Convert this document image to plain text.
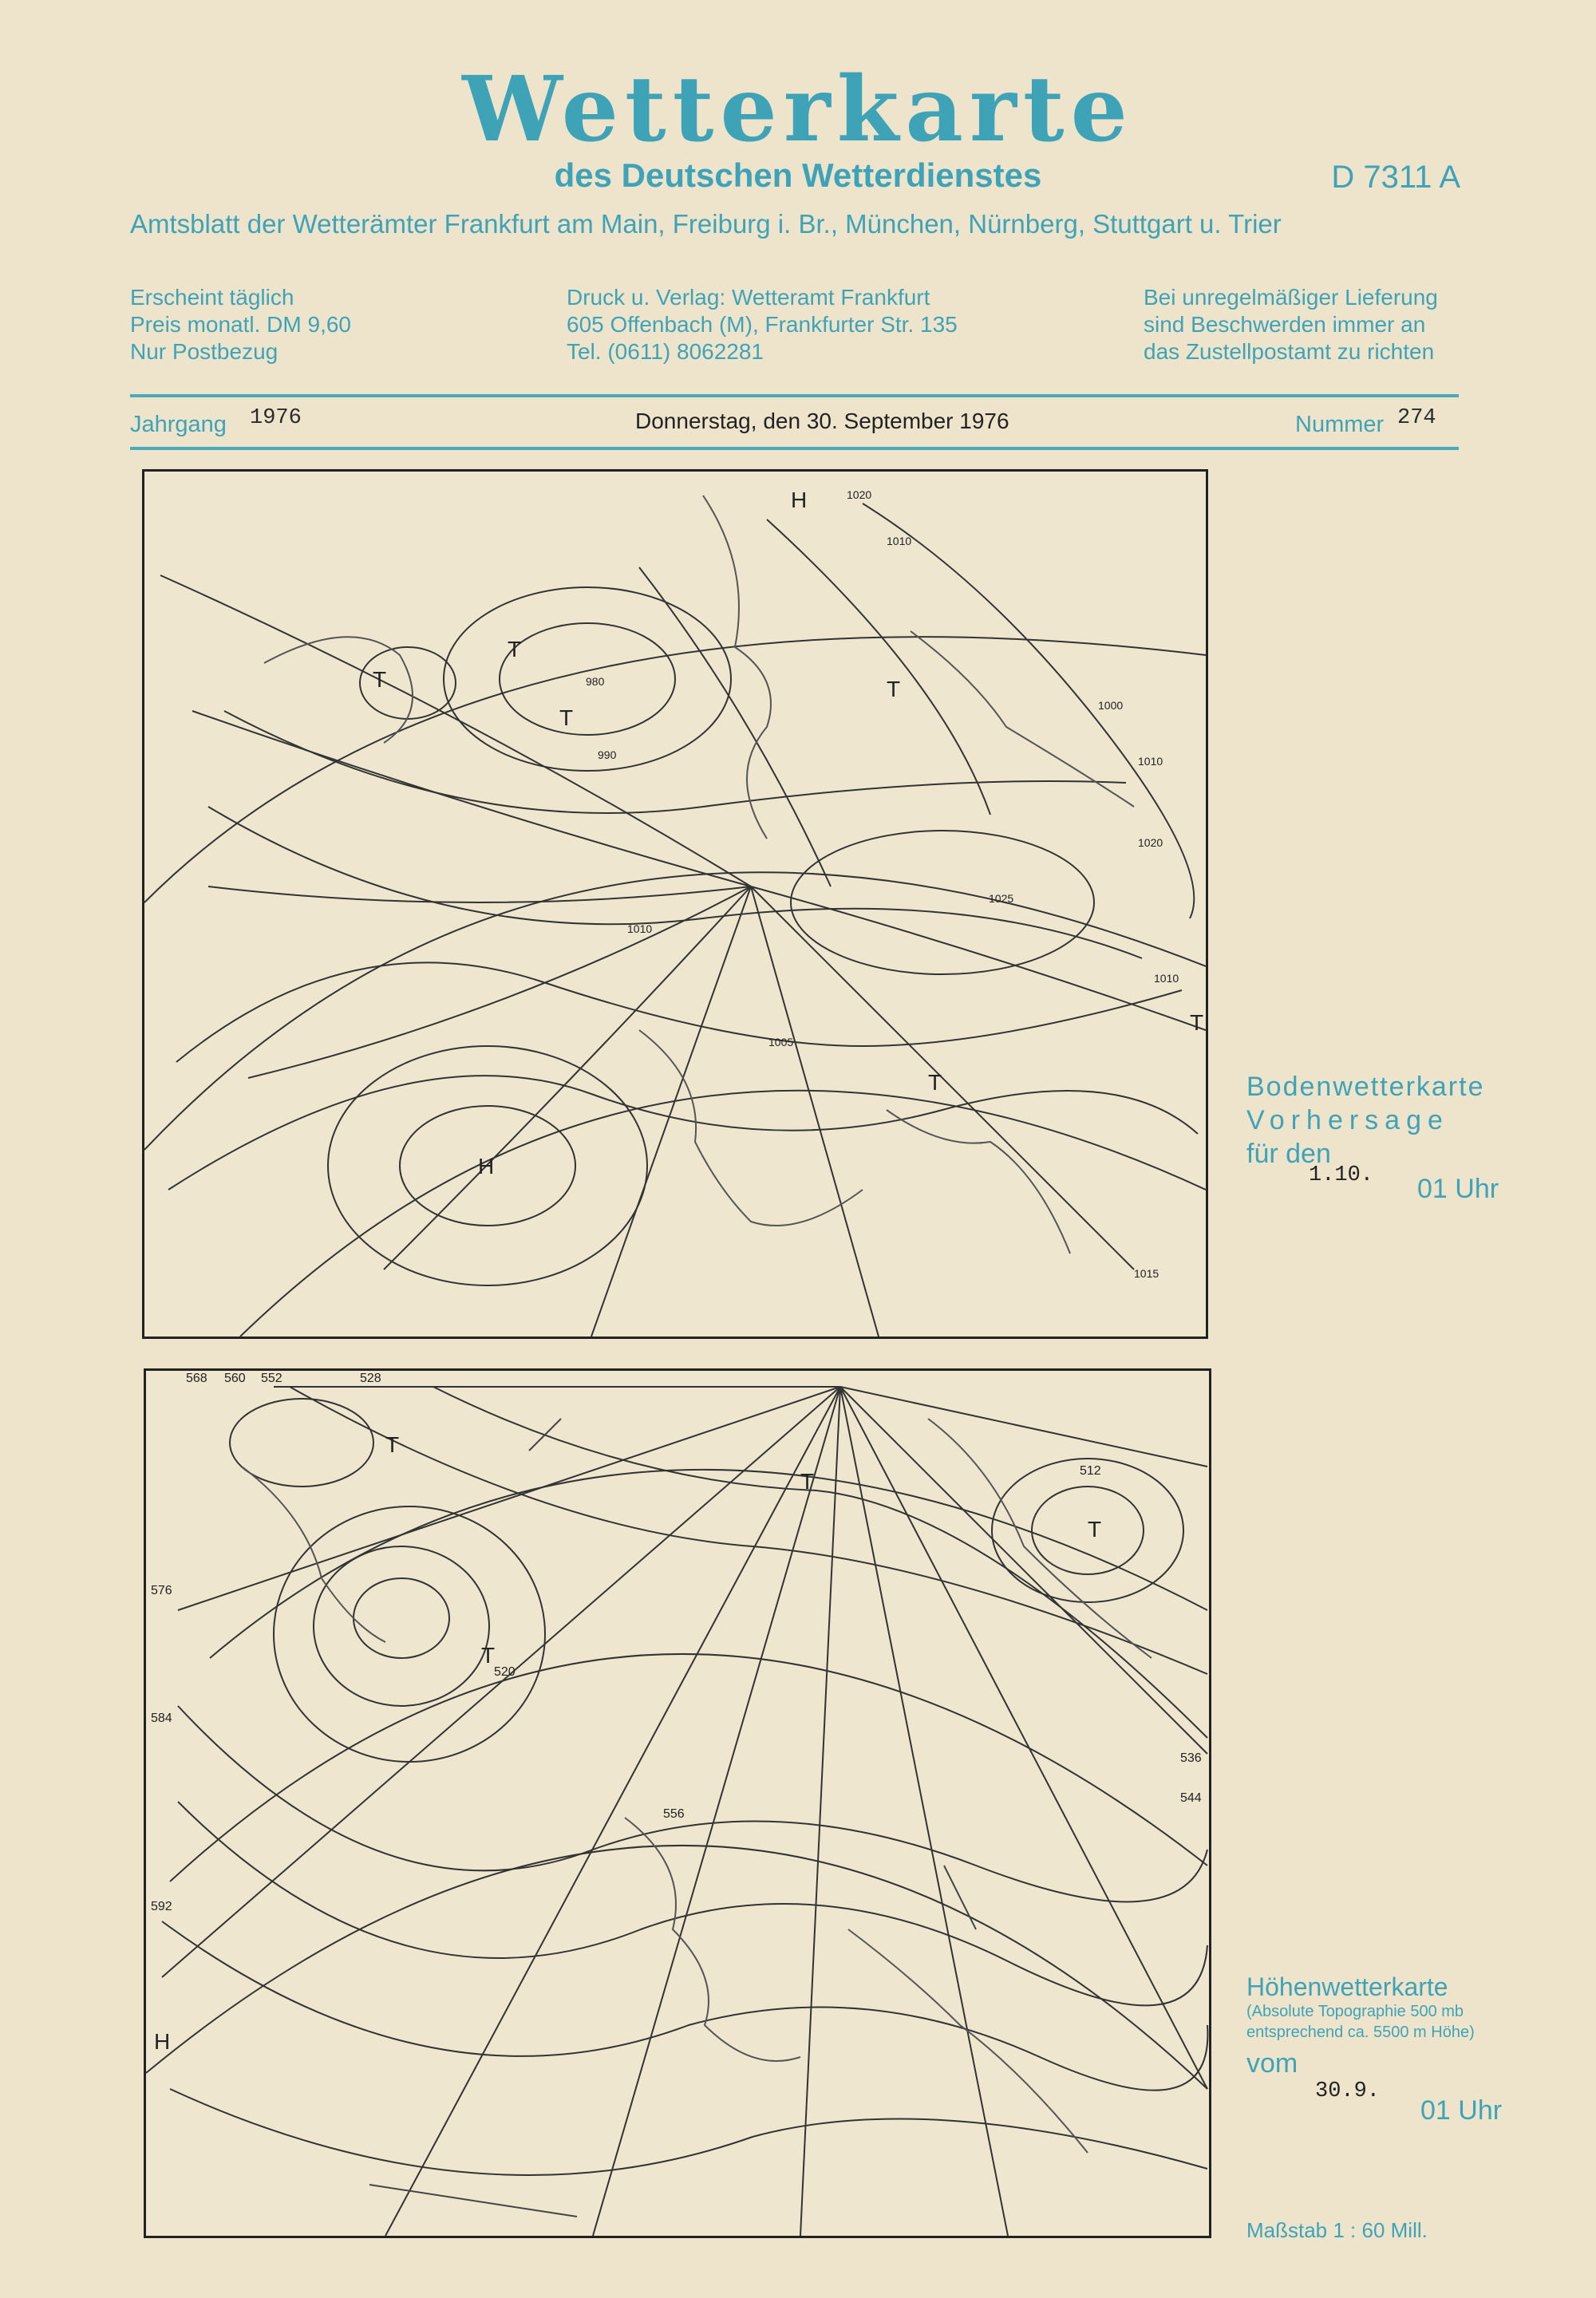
Wetterkarte
des Deutschen Wetterdienstes	D 7311 A
Amtsblatt der Wetterämter Frankfurt am Main, Freiburg i. Br., München, Nürnberg, Stuttgart u. Trier
Erscheint täglich
Preis monatl. DM 9,60
Nur Postbezug
Druck u. Verlag: Wetteramt Frankfurt
605 Offenbach (M), Frankfurter Str. 135
Tel. (0611) 8062281
Bei unregelmäßiger Lieferung
sind Beschwerden immer an
das Zustellpostamt zu richten
Jahrgang 1976	Donnerstag, den 30. September 1976	Nummer 274
H
H
T
T
T
T
T
T
1020
1010
1000
990
980
1010
1015
1025
1005
1010
1020
1010
Bodenwetterkarte
Vorhersage
für den
1.10. 01 Uhr
H
T
T
T
T
568 560 552	528
520
576
584
592
536
544
512
556
Höhenwetterkarte
(Absolute Topographie 500 mb
entsprechend ca. 5500 m Höhe)
vom
30.9.
01 Uhr
Maßstab 1 : 60 Mill.
